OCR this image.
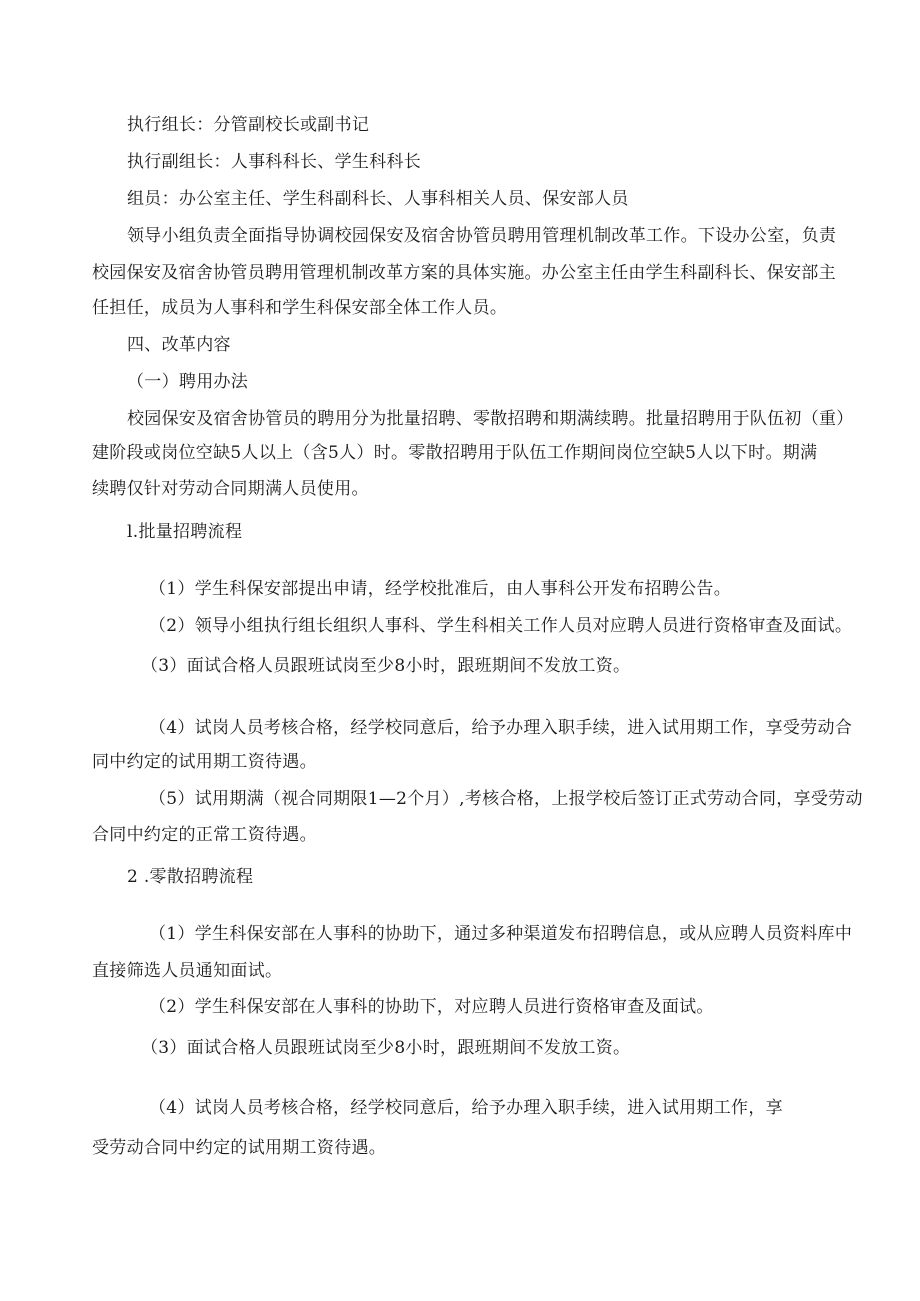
执行组长：分管副校长或副书记

执行副组长：人事科科长、学生科科长

组员：办公室主任、学生科副科长、人事科相关人员、保安部人员

领导小组负责全面指导协调校园保安及宿舍协管员聘用管理机制改革工作。下设办公室，负责

校园保安及宿舍协管员聘用管理机制改革方案的具体实施。办公室主任由学生科副科长、保安部主

任担任，成员为人事科和学生科保安部全体工作人员。

四、改革内容

（一）聘用办法

校园保安及宿舍协管员的聘用分为批量招聘、零散招聘和期满续聘。批量招聘用于队伍初（重）

建阶段或岗位空缺5人以上（含5人）时。零散招聘用于队伍工作期间岗位空缺5人以下时。期满

续聘仅针对劳动合同期满人员使用。

l.批量招聘流程

（1）学生科保安部提出申请，经学校批准后，由人事科公开发布招聘公告。

（2）领导小组执行组长组织人事科、学生科相关工作人员对应聘人员进行资格审查及面试。

（3）面试合格人员跟班试岗至少8小时，跟班期间不发放工资。

（4）试岗人员考核合格，经学校同意后，给予办理入职手续，进入试用期工作，享受劳动合

同中约定的试用期工资待遇。

（5）试用期满（视合同期限1—2个月）,考核合格，上报学校后签订正式劳动合同，享受劳动

合同中约定的正常工资待遇。

2 .零散招聘流程

（1）学生科保安部在人事科的协助下，通过多种渠道发布招聘信息，或从应聘人员资料库中

直接筛选人员通知面试。

（2）学生科保安部在人事科的协助下，对应聘人员进行资格审查及面试。

（3）面试合格人员跟班试岗至少8小时，跟班期间不发放工资。

（4）试岗人员考核合格，经学校同意后，给予办理入职手续，进入试用期工作，享

受劳动合同中约定的试用期工资待遇。
